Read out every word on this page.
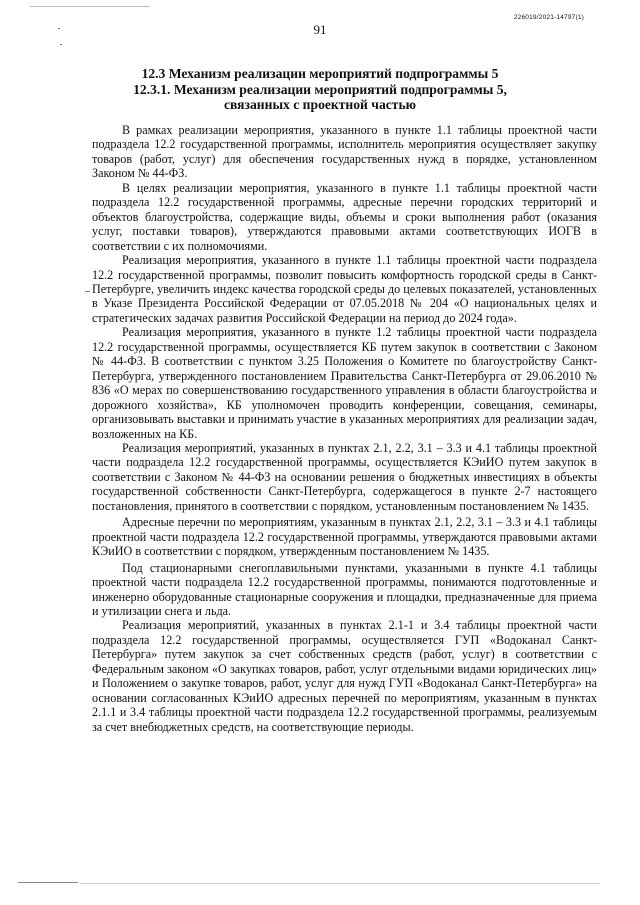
91
226019/2021-14797(1)
12.3 Механизм реализации мероприятий подпрограммы 5
12.3.1. Механизм реализации мероприятий подпрограммы 5,
связанных с проектной частью

В рамках реализации мероприятия, указанного в пункте 1.1 таблицы проектной части подраздела 12.2 государственной программы, исполнитель мероприятия осуществляет закупку товаров (работ, услуг) для обеспечения государственных нужд в порядке, установленном Законом № 44-ФЗ.

В целях реализации мероприятия, указанного в пункте 1.1 таблицы проектной части подраздела 12.2 государственной программы, адресные перечни городских территорий и объектов благоустройства, содержащие виды, объемы и сроки выполнения работ (оказания услуг, поставки товаров), утверждаются правовыми актами соответствующих ИОГВ в соответствии с их полномочиями.

Реализация мероприятия, указанного в пункте 1.1 таблицы проектной части подраздела 12.2 государственной программы, позволит повысить комфортность городской среды в Санкт-Петербурге, увеличить индекс качества городской среды до целевых показателей, установленных в Указе Президента Российской Федерации от 07.05.2018 № 204 «О национальных целях и стратегических задачах развития Российской Федерации на период до 2024 года».

Реализация мероприятия, указанного в пункте 1.2 таблицы проектной части подраздела 12.2 государственной программы, осуществляется КБ путем закупок в соответствии с Законом № 44-ФЗ. В соответствии с пунктом 3.25 Положения о Комитете по благоустройству Санкт-Петербурга, утвержденного постановлением Правительства Санкт-Петербурга от 29.06.2010 № 836 «О мерах по совершенствованию государственного управления в области благоустройства и дорожного хозяйства», КБ уполномочен проводить конференции, совещания, семинары, организовывать выставки и принимать участие в указанных мероприятиях для реализации задач, возложенных на КБ.

Реализация мероприятий, указанных в пунктах 2.1, 2.2, 3.1 – 3.3 и 4.1 таблицы проектной части подраздела 12.2 государственной программы, осуществляется КЭиИО путем закупок в соответствии с Законом № 44-ФЗ на основании решения о бюджетных инвестициях в объекты государственной собственности Санкт-Петербурга, содержащегося в пункте 2-7 настоящего постановления, принятого в соответствии с порядком, установленным постановлением № 1435.

Адресные перечни по мероприятиям, указанным в пунктах 2.1, 2.2, 3.1 – 3.3 и 4.1 таблицы проектной части подраздела 12.2 государственной программы, утверждаются правовыми актами КЭиИО в соответствии с порядком, утвержденным постановлением № 1435.

Под стационарными снегоплавильными пунктами, указанными в пункте 4.1 таблицы проектной части подраздела 12.2 государственной программы, понимаются подготовленные и инженерно оборудованные стационарные сооружения и площадки, предназначенные для приема и утилизации снега и льда.

Реализация мероприятий, указанных в пунктах 2.1-1 и 3.4 таблицы проектной части подраздела 12.2 государственной программы, осуществляется ГУП «Водоканал Санкт-Петербурга» путем закупок за счет собственных средств (работ, услуг) в соответствии с Федеральным законом «О закупках товаров, работ, услуг отдельными видами юридических лиц» и Положением о закупке товаров, работ, услуг для нужд ГУП «Водоканал Санкт-Петербурга» на основании согласованных КЭиИО адресных перечней по мероприятиям, указанным в пунктах 2.1.1 и 3.4 таблицы проектной части подраздела 12.2 государственной программы, реализуемым за счет внебюджетных средств, на соответствующие периоды.
